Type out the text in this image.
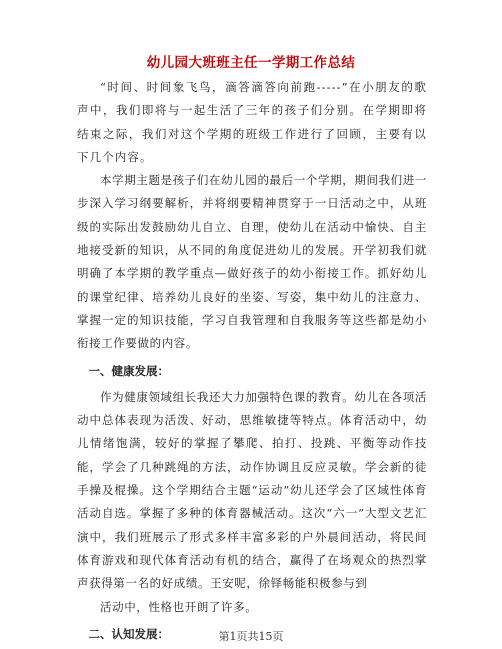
幼儿园大班班主任一学期工作总结

“时间、时间象飞鸟，滴答滴答向前跑-----”在小朋友的歌声中，我们即将与一起生活了三年的孩子们分别。在学期即将结束之际，我们对这个学期的班级工作进行了回顾，主要有以下几个内容。

本学期主题是孩子们在幼儿园的最后一个学期，期间我们进一步深入学习纲要解析，并将纲要精神贯穿于一日活动之中，从班级的实际出发鼓励幼儿自立、自理，使幼儿在活动中愉快、自主地接受新的知识，从不同的角度促进幼儿的发展。开学初我们就明确了本学期的教学重点—做好孩子的幼小衔接工作。抓好幼儿的课堂纪律、培养幼儿良好的坐姿、写姿，集中幼儿的注意力、掌握一定的知识技能，学习自我管理和自我服务等这些都是幼小衔接工作要做的内容。

一、健康发展：

作为健康领域组长我还大力加强特色课的教育。幼儿在各项活动中总体表现为活泼、好动，思维敏捷等特点。体育活动中，幼儿情绪饱满，较好的掌握了攀爬、拍打、投跳、平衡等动作技能，学会了几种跳绳的方法，动作协调且反应灵敏。学会新的徒手操及棍操。这个学期结合主题“运动”幼儿还学会了区域性体育活动自选。掌握了多种的体育器械活动。这次“六一”大型文艺汇演中，我们班展示了形式多样丰富多彩的户外晨间活动，将民间体育游戏和现代体育活动有机的结合，赢得了在场观众的热烈掌声获得第一名的好成绩。王安呢，徐铎畅能积极参与到

活动中，性格也开朗了许多。

二、认知发展：	第1页共15页
